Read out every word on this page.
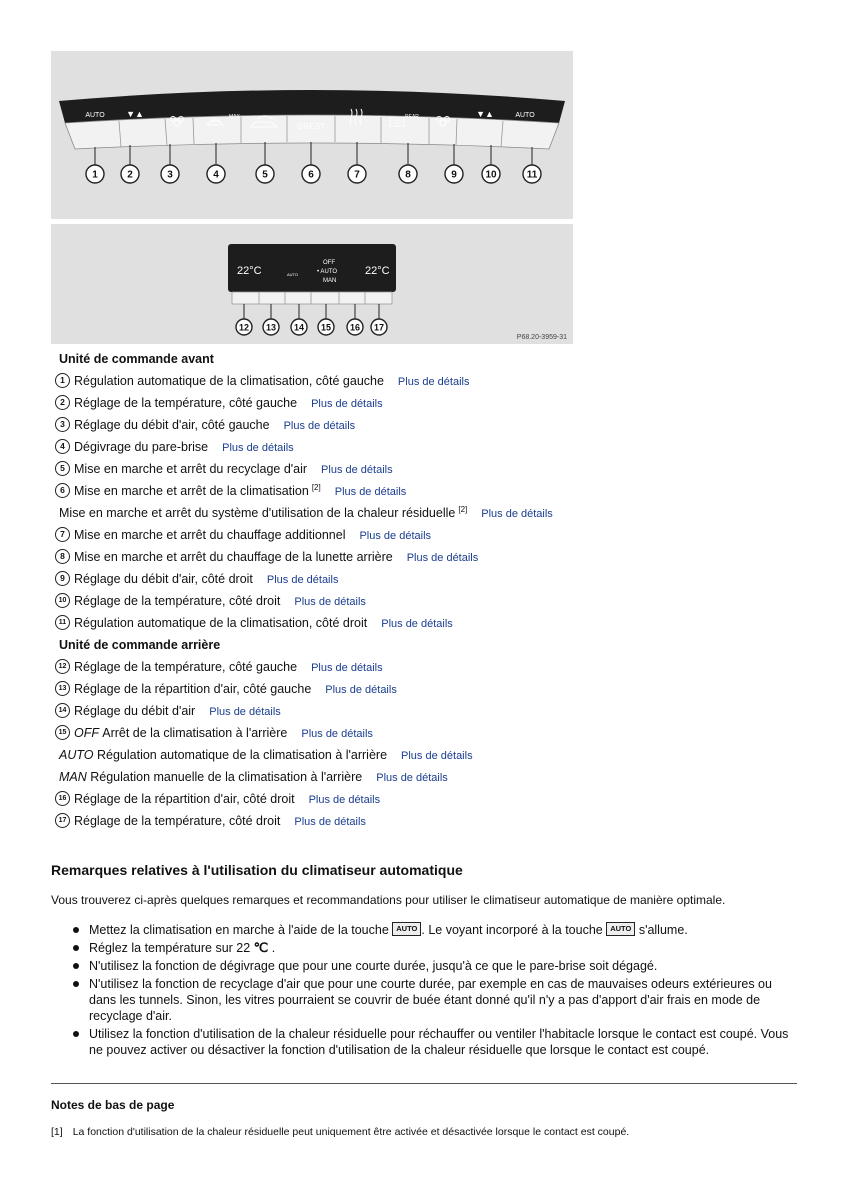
AUTO ▼▲	▼▲	AUTO
0/REST
MAX	REAR
1	2	3	4	5	6	7	8	9	10	11
22°C	22°C
OFF
• AUTO
MAN
AUTO
12 13 14 15 16 17
P68.20-3959-31
Unité de commande avant
1 Régulation automatique de la climatisation, côté gauche Plus de détails
2 Réglage de la température, côté gauche Plus de détails
3 Réglage du débit d'air, côté gauche Plus de détails
4 Dégivrage du pare-brise Plus de détails
5 Mise en marche et arrêt du recyclage d'air Plus de détails
6 Mise en marche et arrêt de la climatisation [2] Plus de détails
Mise en marche et arrêt du système d'utilisation de la chaleur résiduelle [2] Plus de détails
7 Mise en marche et arrêt du chauffage additionnel Plus de détails
8 Mise en marche et arrêt du chauffage de la lunette arrière Plus de détails
9 Réglage du débit d'air, côté droit Plus de détails
10 Réglage de la température, côté droit Plus de détails
11 Régulation automatique de la climatisation, côté droit Plus de détails
Unité de commande arrière
12 Réglage de la température, côté gauche Plus de détails
13 Réglage de la répartition d'air, côté gauche Plus de détails
14 Réglage du débit d'air Plus de détails
15 OFF Arrêt de la climatisation à l'arrière Plus de détails
AUTO Régulation automatique de la climatisation à l'arrière Plus de détails
MAN Régulation manuelle de la climatisation à l'arrière Plus de détails
16 Réglage de la répartition d'air, côté droit Plus de détails
17 Réglage de la température, côté droit Plus de détails
Remarques relatives à l'utilisation du climatiseur automatique

Vous trouverez ci-après quelques remarques et recommandations pour utiliser le climatiseur automatique de manière optimale.

Mettez la climatisation en marche à l'aide de la touche AUTO . Le voyant incorporé à la touche AUTO s'allume.
Réglez la température sur 22 ℃ .
N'utilisez la fonction de dégivrage que pour une courte durée, jusqu'à ce que le pare-brise soit dégagé.
N'utilisez la fonction de recyclage d'air que pour une courte durée, par exemple en cas de mauvaises odeurs extérieures ou dans les tunnels. Sinon, les vitres pourraient se couvrir de buée étant donné qu'il n'y a pas d'apport d'air frais en mode de recyclage d'air.
Utilisez la fonction d'utilisation de la chaleur résiduelle pour réchauffer ou ventiler l'habitacle lorsque le contact est coupé. Vous ne pouvez activer ou désactiver la fonction d'utilisation de la chaleur résiduelle que lorsque le contact est coupé.
Notes de bas de page
[1] La fonction d'utilisation de la chaleur résiduelle peut uniquement être activée et désactivée lorsque le contact est coupé.
